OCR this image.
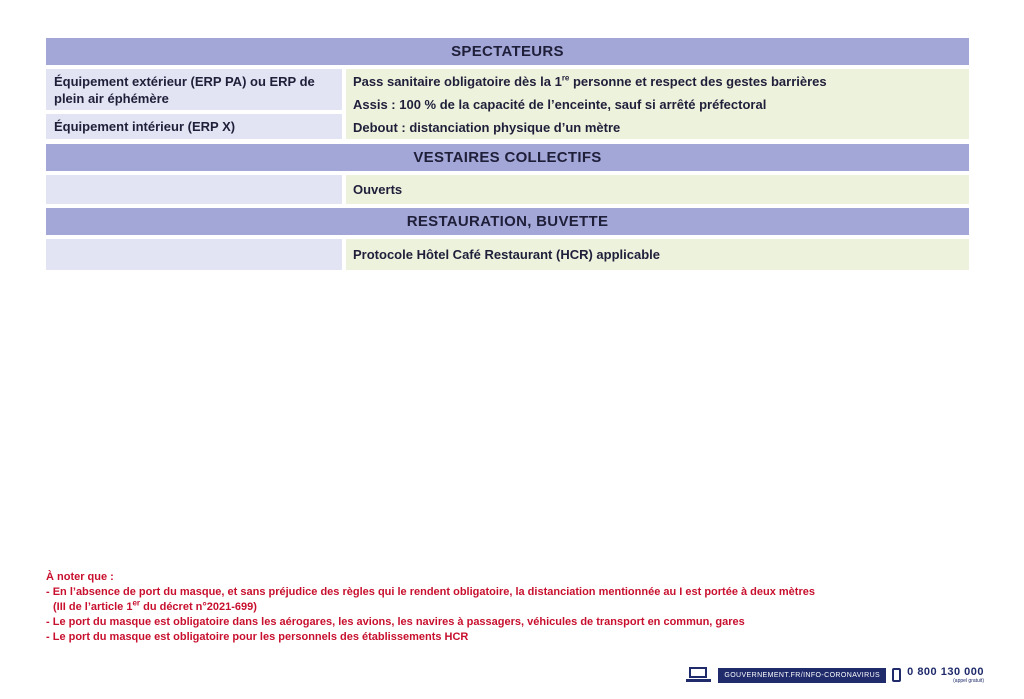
SPECTATEURS
Équipement extérieur (ERP PA) ou ERP de plein air éphémère
Équipement intérieur (ERP X)
Pass sanitaire obligatoire dès la 1re personne et respect des gestes barrières
Assis : 100 % de la capacité de l’enceinte, sauf si arrêté préfectoral
Debout : distanciation physique d’un mètre
VESTAIRES COLLECTIFS
Ouverts
RESTAURATION, BUVETTE
Protocole Hôtel Café Restaurant (HCR) applicable
À noter que :
- En l’absence de port du masque, et sans préjudice des règles qui le rendent obligatoire, la distanciation mentionnée au I est portée à deux mètres
(III de l’article 1er du décret n°2021-699)
- Le port du masque est obligatoire dans les aérogares, les avions, les navires à passagers, véhicules de transport en commun, gares
- Le port du masque est obligatoire pour les personnels des établissements HCR
GOUVERNEMENT.FR/INFO-CORONAVIRUS	0 800 130 000
(appel gratuit)
